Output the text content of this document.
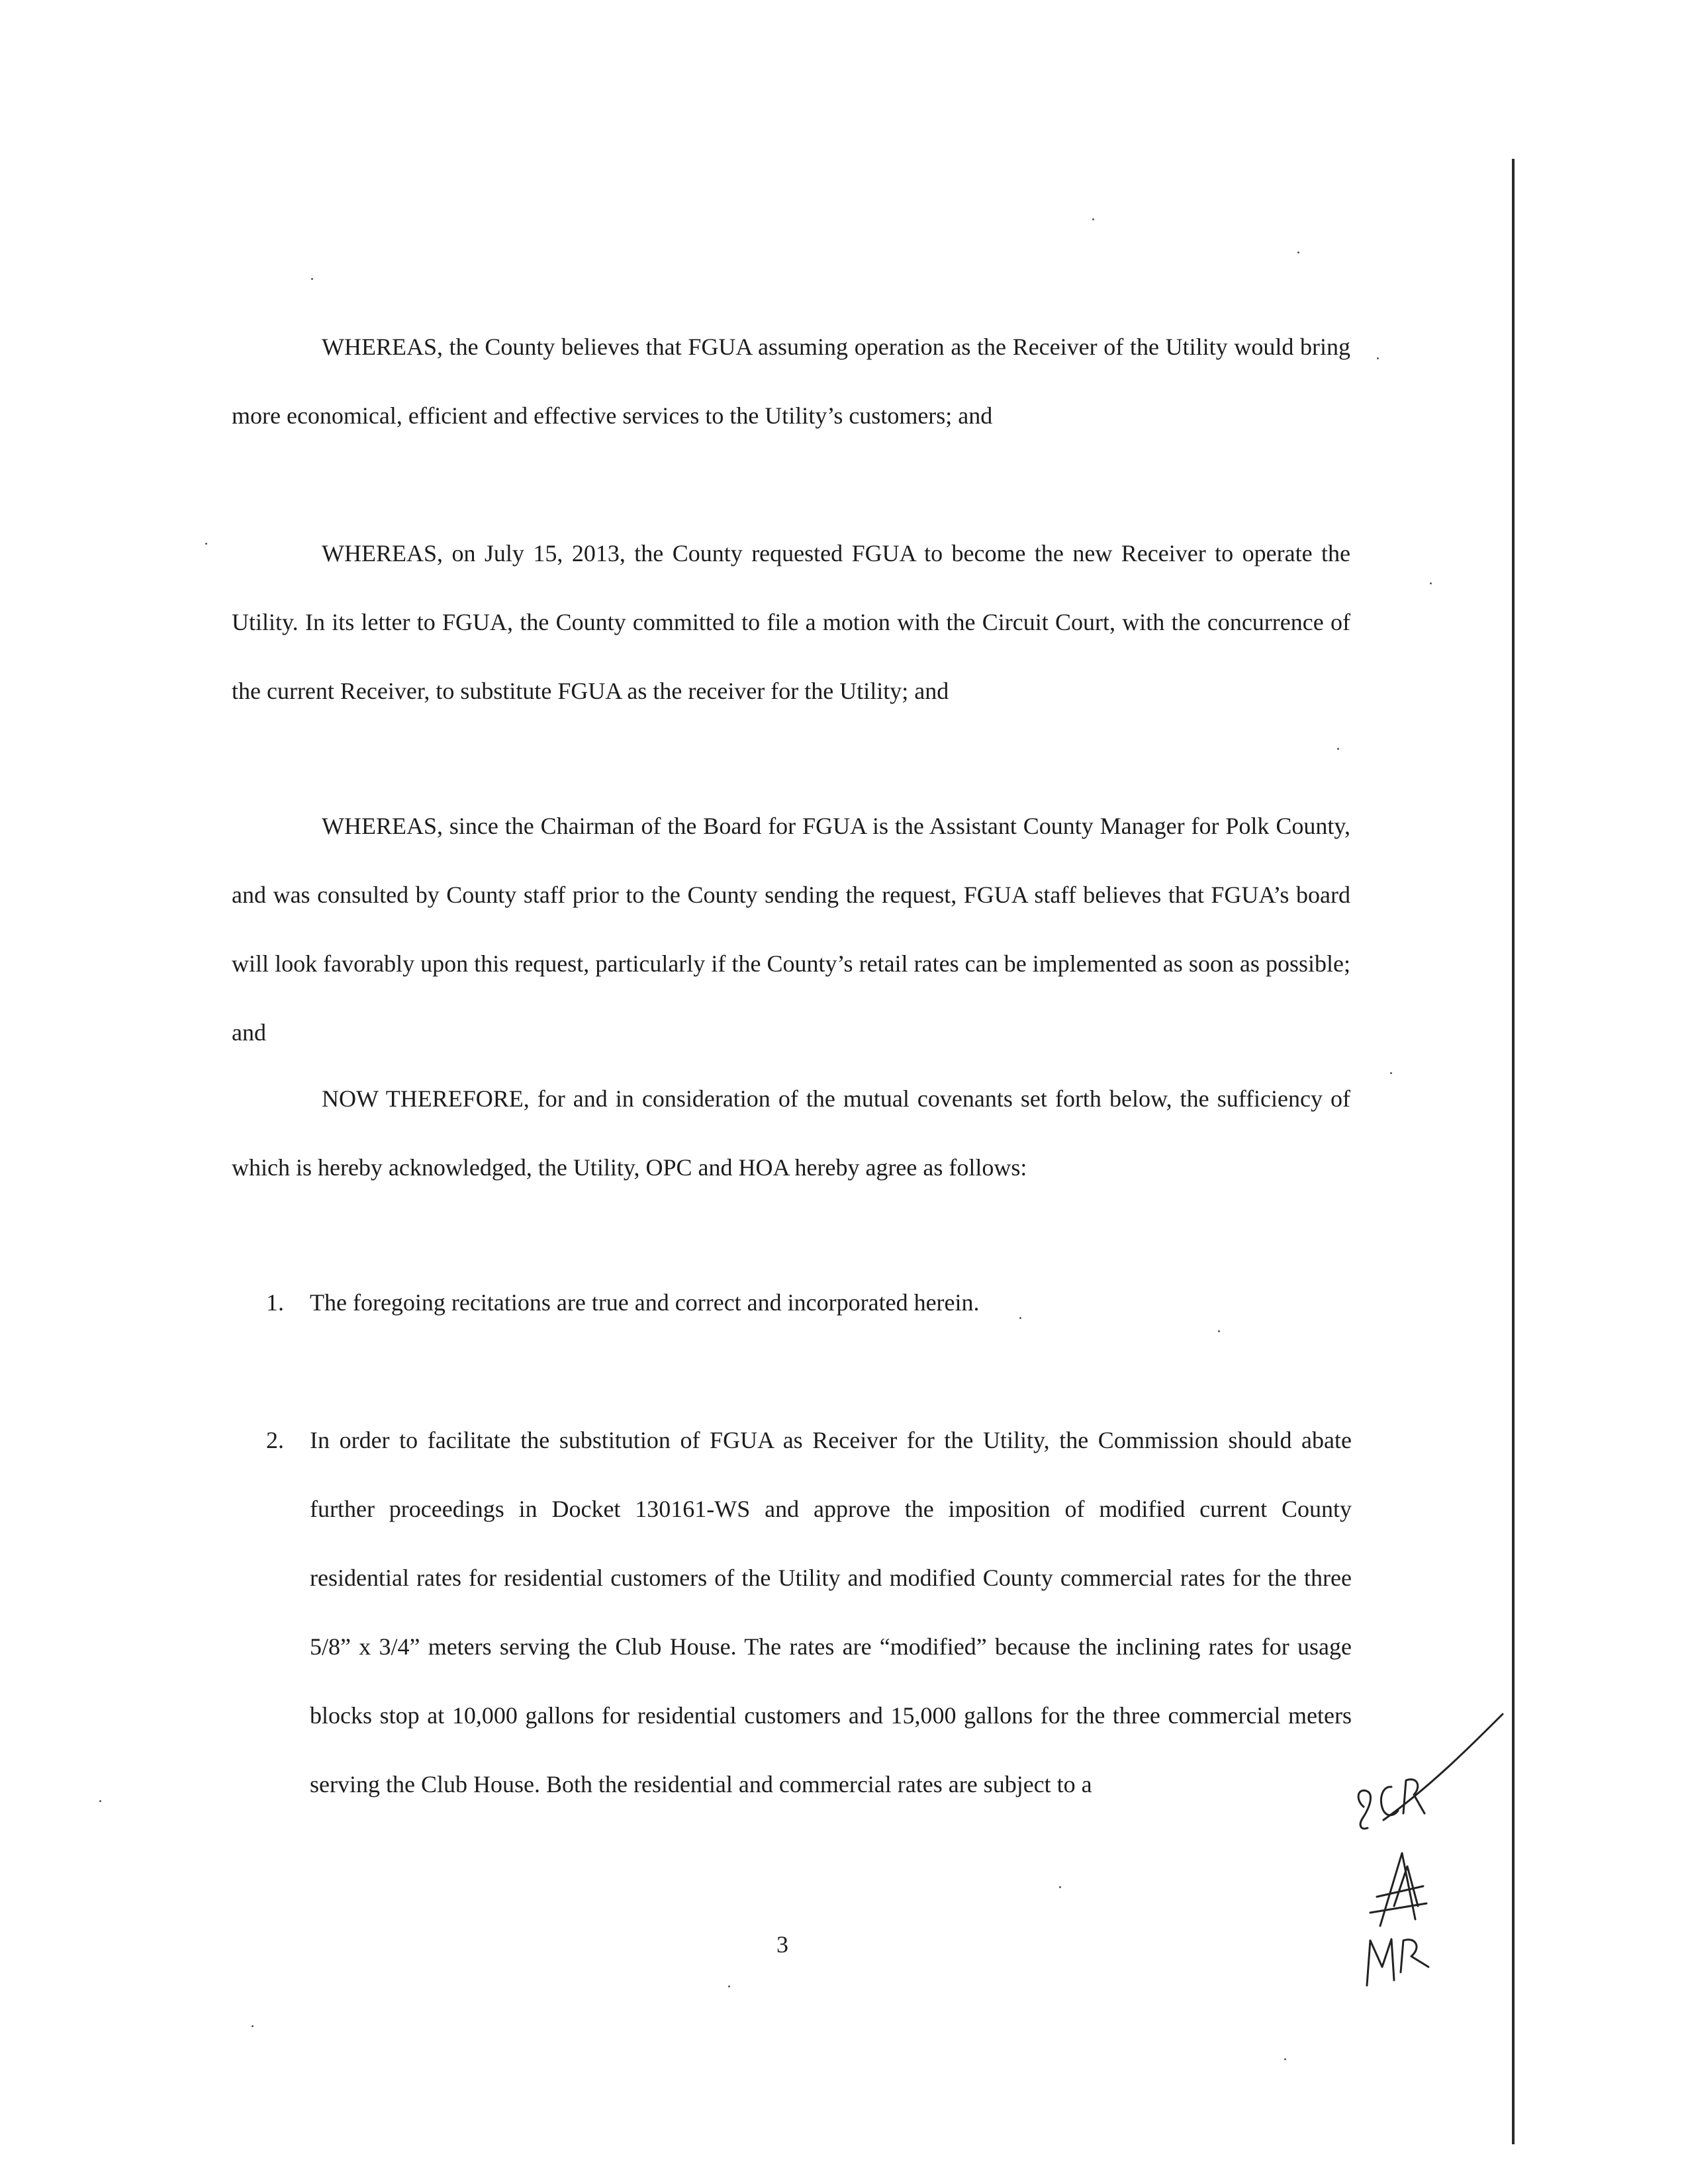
WHEREAS, the County believes that FGUA assuming operation as the Receiver of the Utility would bring more economical, efficient and effective services to the Utility’s customers; and

WHEREAS, on July 15, 2013, the County requested FGUA to become the new Receiver to operate the Utility. In its letter to FGUA, the County committed to file a motion with the Circuit Court, with the concurrence of the current Receiver, to substitute FGUA as the receiver for the Utility; and

WHEREAS, since the Chairman of the Board for FGUA is the Assistant County Manager for Polk County, and was consulted by County staff prior to the County sending the request, FGUA staff believes that FGUA’s board will look favorably upon this request, particularly if the County’s retail rates can be implemented as soon as possible; and

NOW THEREFORE, for and in consideration of the mutual covenants set forth below, the sufficiency of which is hereby acknowledged, the Utility, OPC and HOA hereby agree as follows:

1. The foregoing recitations are true and correct and incorporated herein.
2. In order to facilitate the substitution of FGUA as Receiver for the Utility, the Commission should abate further proceedings in Docket 130161-WS and approve the imposition of modified current County residential rates for residential customers of the Utility and modified County commercial rates for the three 5/8” x 3/4” meters serving the Club House. The rates are “modified” because the inclining rates for usage blocks stop at 10,000 gallons for residential customers and 15,000 gallons for the three commercial meters serving the Club House. Both the residential and commercial rates are subject to a
3
